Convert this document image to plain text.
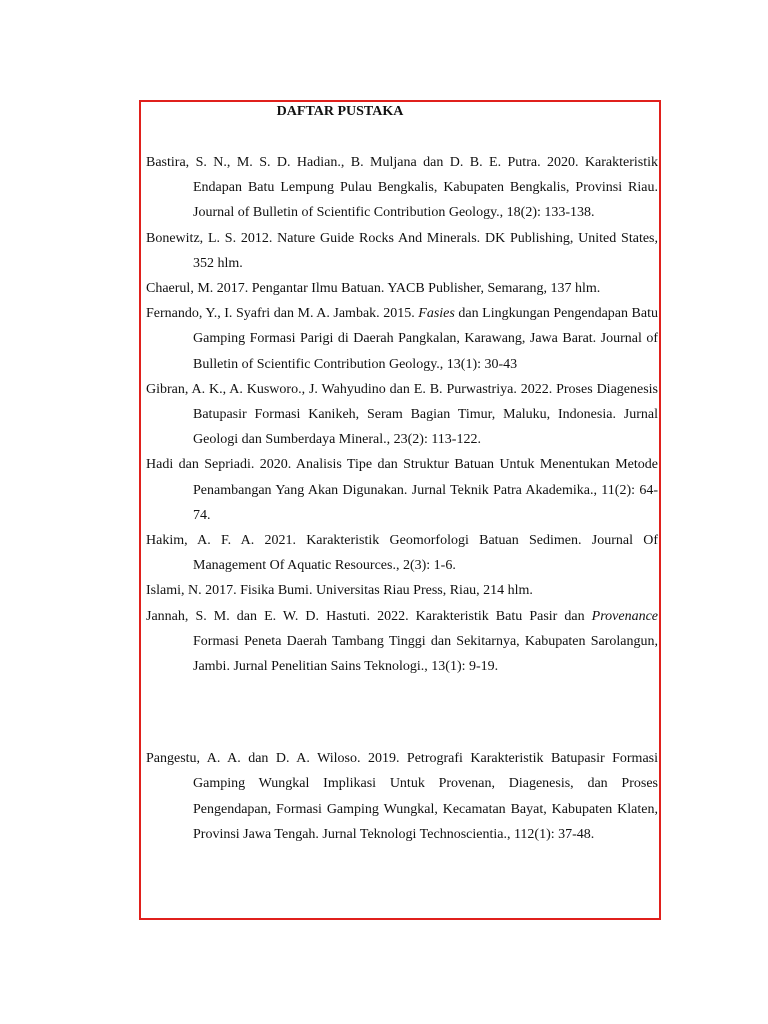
DAFTAR PUSTAKA

Bastira, S. N., M. S. D. Hadian., B. Muljana dan D. B. E. Putra. 2020. Karakteristik Endapan Batu Lempung Pulau Bengkalis, Kabupaten Bengkalis, Provinsi Riau. Journal of Bulletin of Scientific Contribution Geology., 18(2): 133-138.

Bonewitz, L. S. 2012. Nature Guide Rocks And Minerals. DK Publishing, United States, 352 hlm.

Chaerul, M. 2017. Pengantar Ilmu Batuan. YACB Publisher, Semarang, 137 hlm.

Fernando, Y., I. Syafri dan M. A. Jambak. 2015. Fasies dan Lingkungan Pengendapan Batu Gamping Formasi Parigi di Daerah Pangkalan, Karawang, Jawa Barat. Journal of Bulletin of Scientific Contribution Geology., 13(1): 30-43

Gibran, A. K., A. Kusworo., J. Wahyudino dan E. B. Purwastriya. 2022. Proses Diagenesis Batupasir Formasi Kanikeh, Seram Bagian Timur, Maluku, Indonesia. Jurnal Geologi dan Sumberdaya Mineral., 23(2): 113-122.

Hadi dan Sepriadi. 2020. Analisis Tipe dan Struktur Batuan Untuk Menentukan Metode Penambangan Yang Akan Digunakan. Jurnal Teknik Patra Akademika., 11(2): 64-74.

Hakim, A. F. A. 2021. Karakteristik Geomorfologi Batuan Sedimen. Journal Of Management Of Aquatic Resources., 2(3): 1-6.

Islami, N. 2017. Fisika Bumi. Universitas Riau Press, Riau, 214 hlm.

Jannah, S. M. dan E. W. D. Hastuti. 2022. Karakteristik Batu Pasir dan Provenance Formasi Peneta Daerah Tambang Tinggi dan Sekitarnya, Kabupaten Sarolangun, Jambi. Jurnal Penelitian Sains Teknologi., 13(1): 9-19.

Pangestu, A. A. dan D. A. Wiloso. 2019. Petrografi Karakteristik Batupasir Formasi Gamping Wungkal Implikasi Untuk Provenan, Diagenesis, dan Proses Pengendapan, Formasi Gamping Wungkal, Kecamatan Bayat, Kabupaten Klaten, Provinsi Jawa Tengah. Jurnal Teknologi Technoscientia., 112(1): 37-48.
